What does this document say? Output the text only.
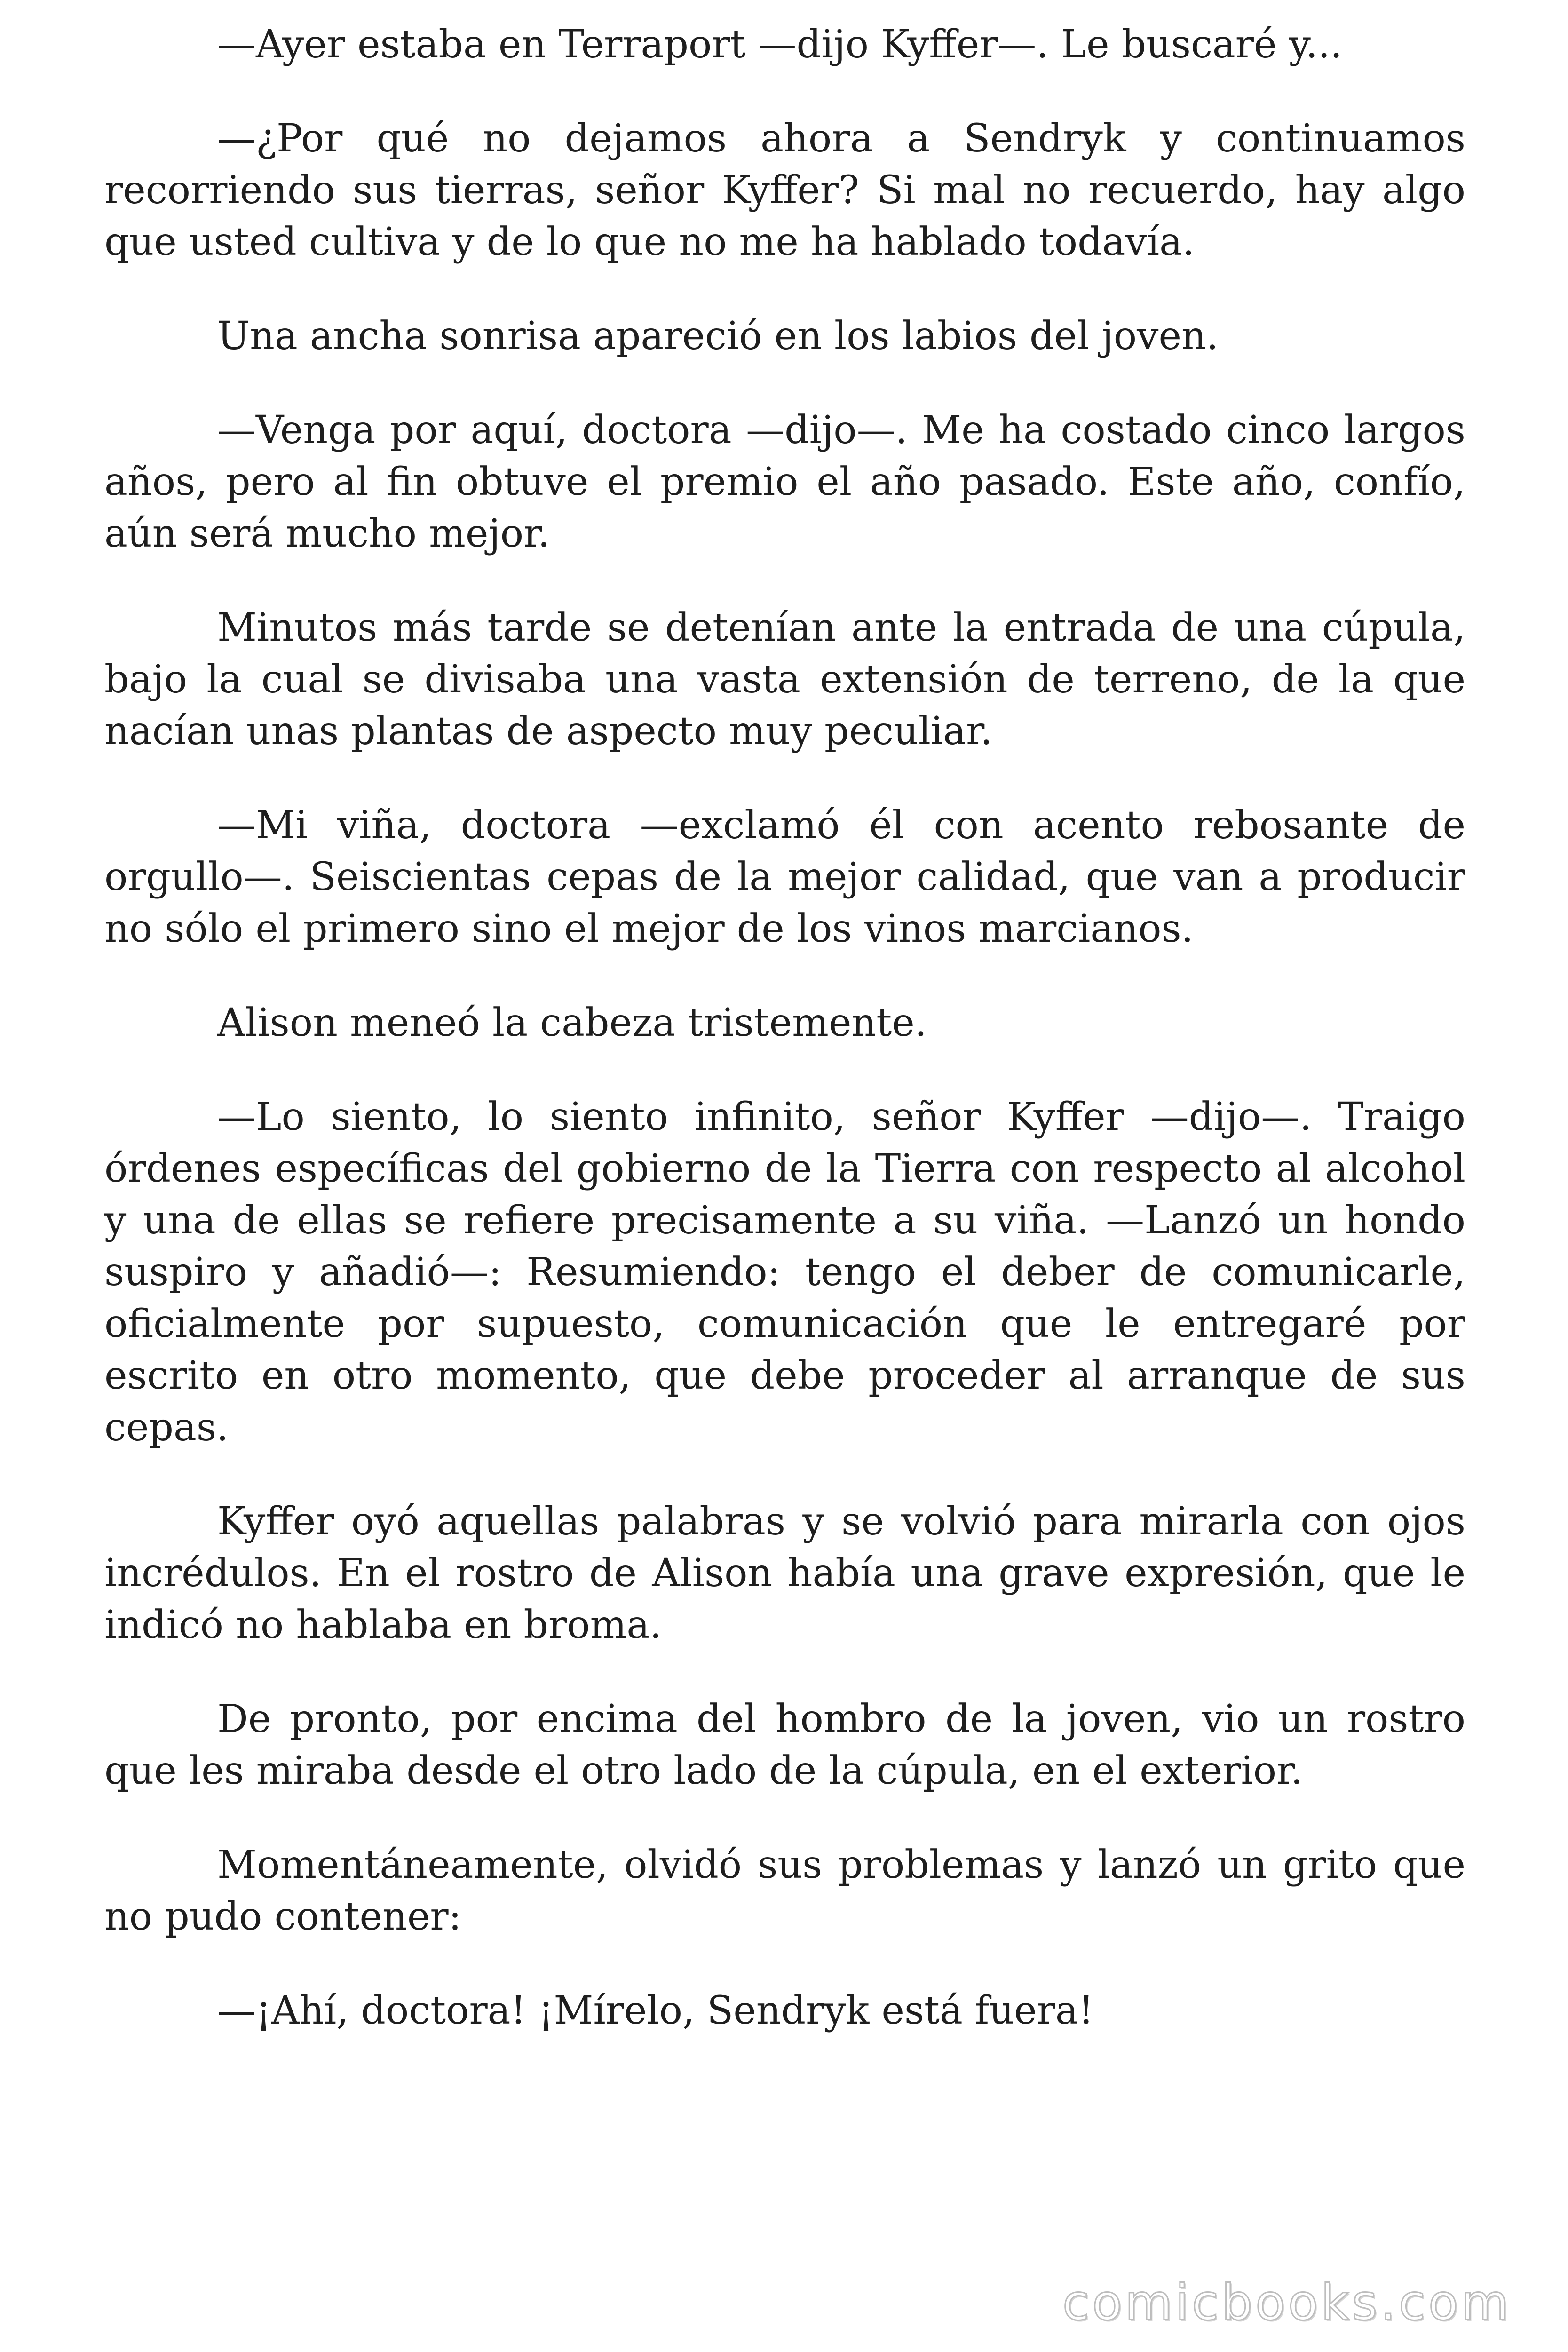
—Ayer estaba en Terraport —dijo Kyffer—. Le buscaré y...

—¿Por qué no dejamos ahora a Sendryk y continuamos recorriendo sus tierras, señor Kyffer? Si mal no recuerdo, hay algo que usted cultiva y de lo que no me ha hablado todavía.

Una ancha sonrisa apareció en los labios del joven.

—Venga por aquí, doctora —dijo—. Me ha costado cinco largos años, pero al fin obtuve el premio el año pasado. Este año, confío, aún será mucho mejor.

Minutos más tarde se detenían ante la entrada de una cúpula, bajo la cual se divisaba una vasta extensión de terreno, de la que nacían unas plantas de aspecto muy peculiar.

—Mi viña, doctora —exclamó él con acento rebosante de orgullo—. Seiscientas cepas de la mejor calidad, que van a producir no sólo el primero sino el mejor de los vinos marcianos.

Alison meneó la cabeza tristemente.

—Lo siento, lo siento infinito, señor Kyffer —dijo—. Traigo órdenes específicas del gobierno de la Tierra con respecto al alcohol y una de ellas se refiere precisamente a su viña. —Lanzó un hondo suspiro y añadió—: Resumiendo: tengo el deber de comunicarle, oficialmente por supuesto, comunicación que le entregaré por escrito en otro momento, que debe proceder al arranque de sus cepas.

Kyffer oyó aquellas palabras y se volvió para mirarla con ojos incrédulos. En el rostro de Alison había una grave expresión, que le indicó no hablaba en broma.

De pronto, por encima del hombro de la joven, vio un rostro que les miraba desde el otro lado de la cúpula, en el exterior.

Momentáneamente, olvidó sus problemas y lanzó un grito que no pudo contener:

—¡Ahí, doctora! ¡Mírelo, Sendryk está fuera!

comicbooks.com
